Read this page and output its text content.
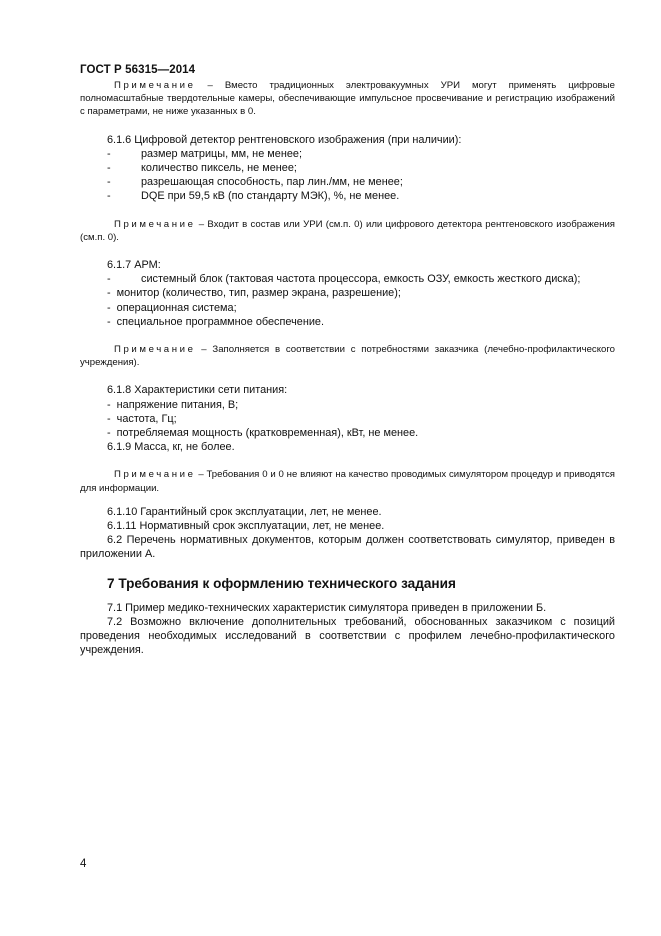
ГОСТ Р 56315—2014

Примечание – Вместо традиционных электровакуумных УРИ могут применять цифровые полномасштабные твердотельные камеры, обеспечивающие импульсное просвечивание и регистрацию изображений с параметрами, не ниже указанных в 0.

6.1.6 Цифровой детектор рентгеновского изображения (при наличии):

-	размер матрицы, мм, не менее;
-	количество пиксель, не менее;
-	разрешающая способность, пар лин./мм, не менее;
-	DQE при 59,5 кВ (по стандарту МЭК), %, не менее.

Примечание – Входит в состав или УРИ (см.п. 0) или цифрового детектора рентгеновского изображения (см.п. 0).

6.1.7 АРМ:

-	системный блок (тактовая частота процессора, емкость ОЗУ, емкость жесткого диска);
- монитор (количество, тип, размер экрана, разрешение);
- операционная система;
- специальное программное обеспечение.

Примечание – Заполняется в соответствии с потребностями заказчика (лечебно-профилактического учреждения).

6.1.8 Характеристики сети питания:

- напряжение питания, В;
- частота, Гц;
- потребляемая мощность (кратковременная), кВт, не менее.

6.1.9 Масса, кг, не более.

Примечание – Требования 0 и 0 не влияют на качество проводимых симулятором процедур и приводятся для информации.

6.1.10 Гарантийный срок эксплуатации, лет, не менее.

6.1.11 Нормативный срок эксплуатации, лет, не менее.

6.2 Перечень нормативных документов, которым должен соответствовать симулятор, приведен в приложении А.

7 Требования к оформлению технического задания

7.1 Пример медико-технических характеристик симулятора приведен в приложении Б.

7.2 Возможно включение дополнительных требований, обоснованных заказчиком с позиций проведения необходимых исследований в соответствии с профилем лечебно-профилактического учреждения.

4
